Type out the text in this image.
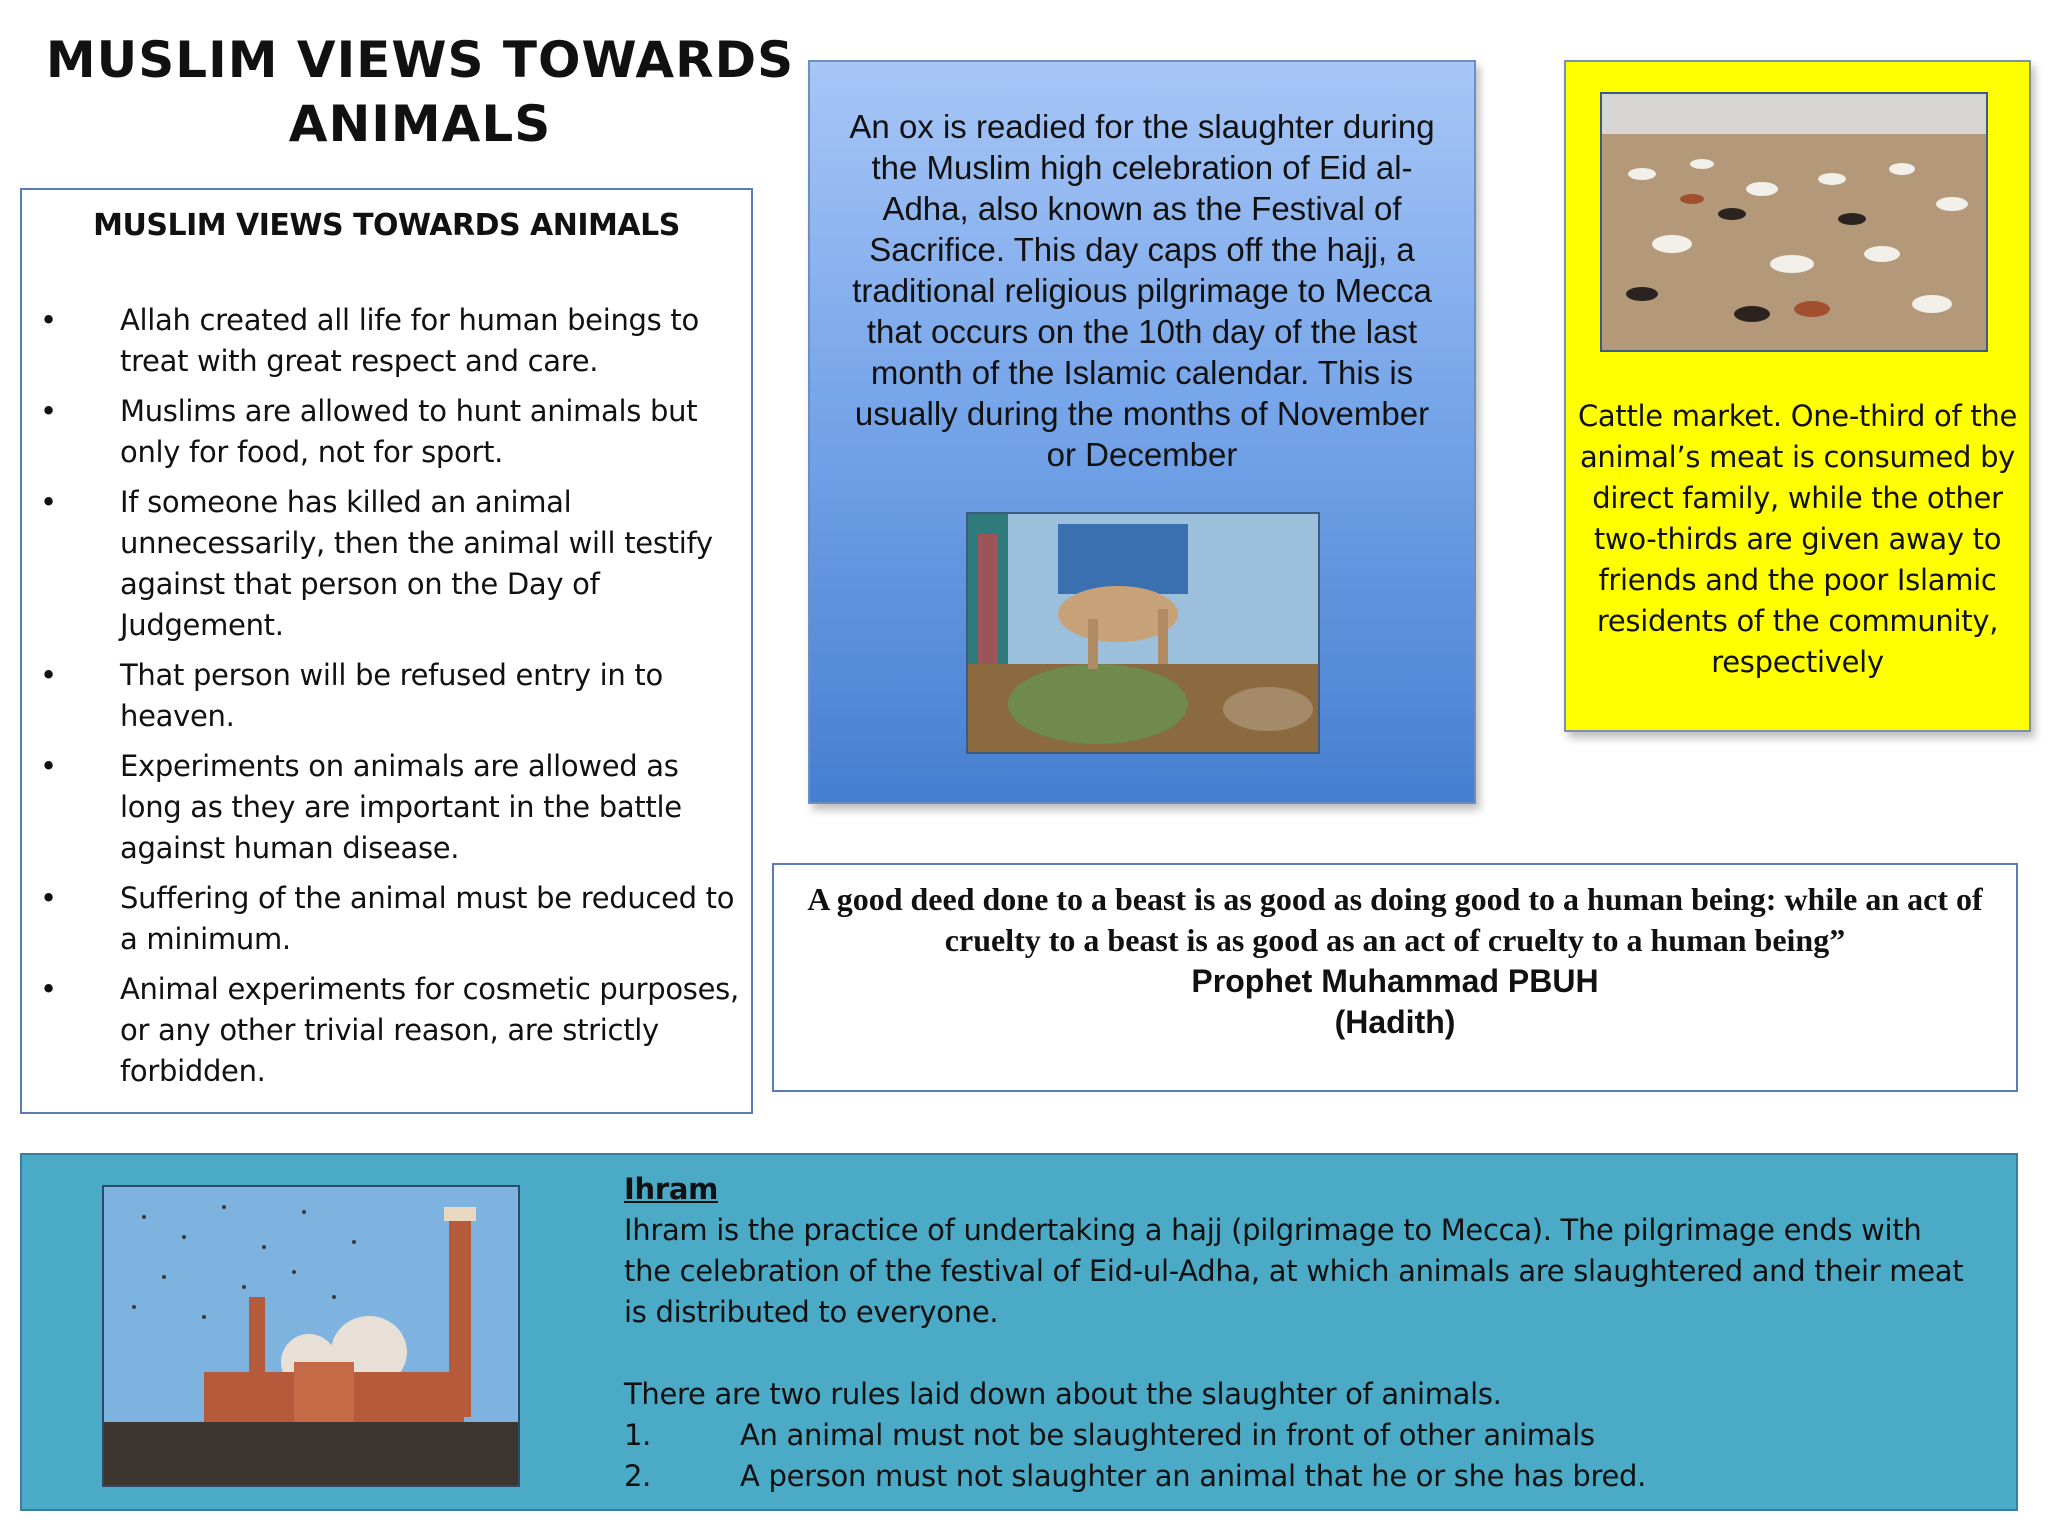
MUSLIM VIEWS TOWARDS ANIMALS
MUSLIM VIEWS TOWARDS ANIMALS
• Allah created all life for human beings to treat with great respect and care.
• Muslims are allowed to hunt animals but only for food, not for sport.
• If someone has killed an animal unnecessarily, then the animal will testify against that person on the Day of Judgement.
• That person will be refused entry in to heaven.
• Experiments on animals are allowed as long as they are important in the battle against human disease.
• Suffering of the animal must be reduced to a minimum.
• Animal experiments for cosmetic purposes, or any other trivial reason, are strictly forbidden.
An ox is readied for the slaughter during the Muslim high celebration of Eid al-Adha, also known as the Festival of Sacrifice. This day caps off the hajj, a traditional religious pilgrimage to Mecca that occurs on the 10th day of the last month of the Islamic calendar. This is usually during the months of November or December
Cattle market. One-third of the animal’s meat is consumed by direct family, while the other two-thirds are given away to friends and the poor Islamic residents of the community, respectively
A good deed done to a beast is as good as doing good to a human being: while an act of cruelty to a beast is as good as an act of cruelty to a human being”
Prophet Muhammad PBUH
(Hadith)
Ihram
Ihram is the practice of undertaking a hajj (pilgrimage to Mecca). The pilgrimage ends with the celebration of the festival of Eid-ul-Adha, at which animals are slaughtered and their meat is distributed to everyone.
There are two rules laid down about the slaughter of animals.
1.	An animal must not be slaughtered in front of other animals
2.	A person must not slaughter an animal that he or she has bred.
